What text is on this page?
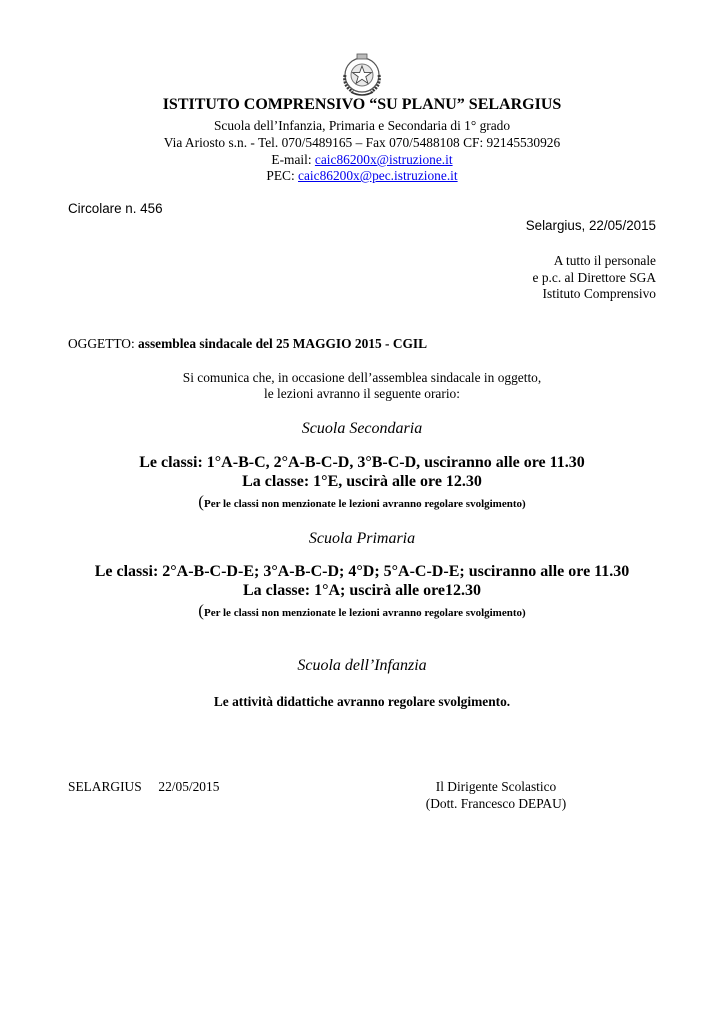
ISTITUTO COMPRENSIVO “SU PLANU” SELARGIUS
Scuola dell’Infanzia, Primaria e Secondaria di 1° grado
Via Ariosto s.n. - Tel. 070/5489165 – Fax 070/5488108 CF: 92145530926
E-mail: caic86200x@istruzione.it
PEC: caic86200x@pec.istruzione.it
Circolare n. 456
Selargius, 22/05/2015
A tutto il personale
e p.c. al Direttore SGA
Istituto Comprensivo
OGGETTO: assemblea sindacale del 25 MAGGIO 2015 - CGIL
Si comunica che, in occasione dell’assemblea sindacale in oggetto,
le lezioni avranno il seguente orario:
Scuola Secondaria
Le classi: 1°A-B-C, 2°A-B-C-D, 3°B-C-D, usciranno alle ore 11.30
La classe: 1°E, uscirà alle ore 12.30
(Per le classi non menzionate le lezioni avranno regolare svolgimento)
Scuola Primaria
Le classi: 2°A-B-C-D-E; 3°A-B-C-D; 4°D; 5°A-C-D-E; usciranno alle ore 11.30
La classe: 1°A; uscirà alle ore12.30
(Per le classi non menzionate le lezioni avranno regolare svolgimento)
Scuola dell’Infanzia
Le attività didattiche avranno regolare svolgimento.
SELARGIUS     22/05/2015	Il Dirigente Scolastico
(Dott. Francesco DEPAU)
